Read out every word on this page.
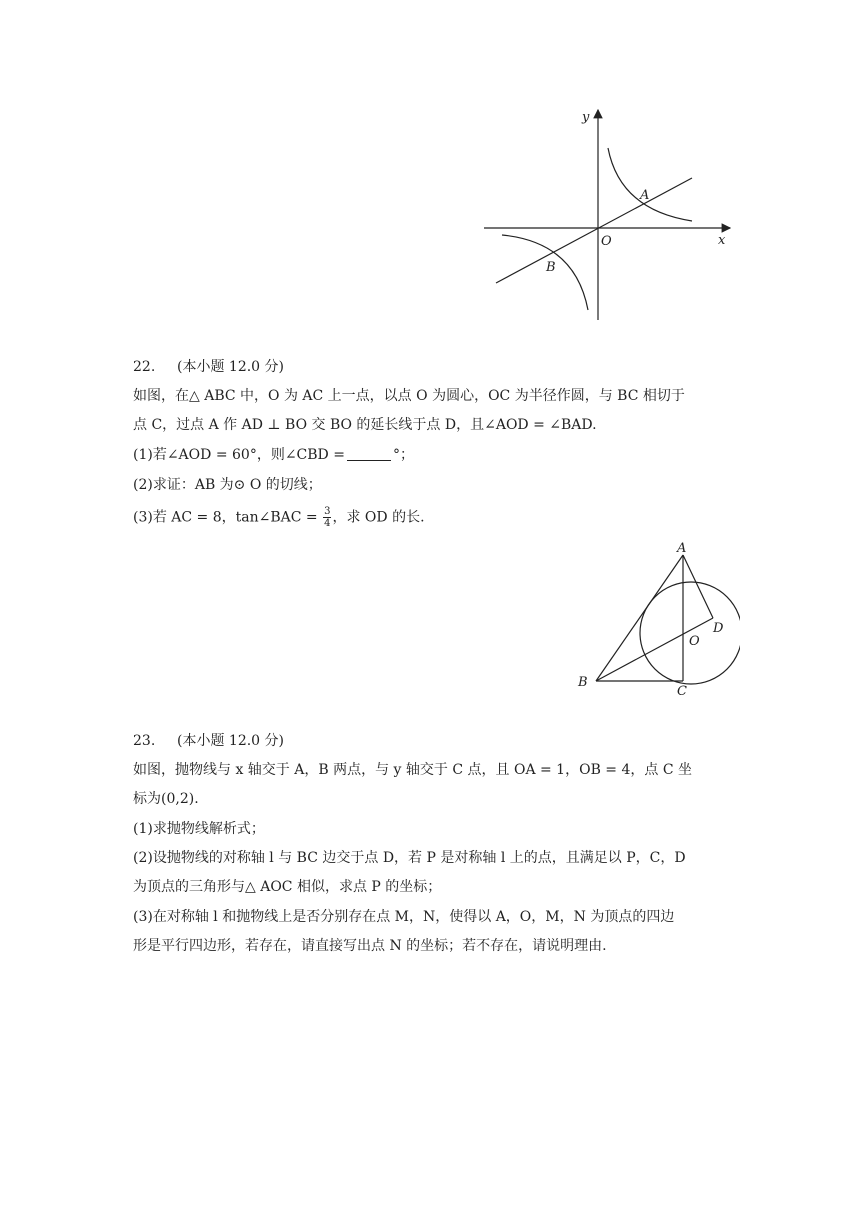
y
x
O
A
B
22. (本小题 12.0 分)
如图，在△ ABC 中，O 为 AC 上一点，以点 O 为圆心，OC 为半径作圆，与 BC 相切于
点 C，过点 A 作 AD ⊥ BO 交 BO 的延长线于点 D，且∠AOD = ∠BAD.
(1)若∠AOD = 60°，则∠CBD =	°；
(2)求证：AB 为⊙ O 的切线；
(3)若 AC = 8，tan∠BAC = $\frac{3}{4}$ ，求 OD 的长.
A
B
C
D
O
23. (本小题 12.0 分)
如图，抛物线与 x 轴交于 A，B 两点，与 y 轴交于 C 点，且 OA = 1，OB = 4，点 C 坐
标为(0,2).
(1)求抛物线解析式；
(2)设抛物线的对称轴 l 与 BC 边交于点 D，若 P 是对称轴 l 上的点，且满足以 P，C，D
为顶点的三角形与△ AOC 相似，求点 P 的坐标；
(3)在对称轴 l 和抛物线上是否分别存在点 M，N，使得以 A，O，M，N 为顶点的四边
形是平行四边形，若存在，请直接写出点 N 的坐标；若不存在，请说明理由.
